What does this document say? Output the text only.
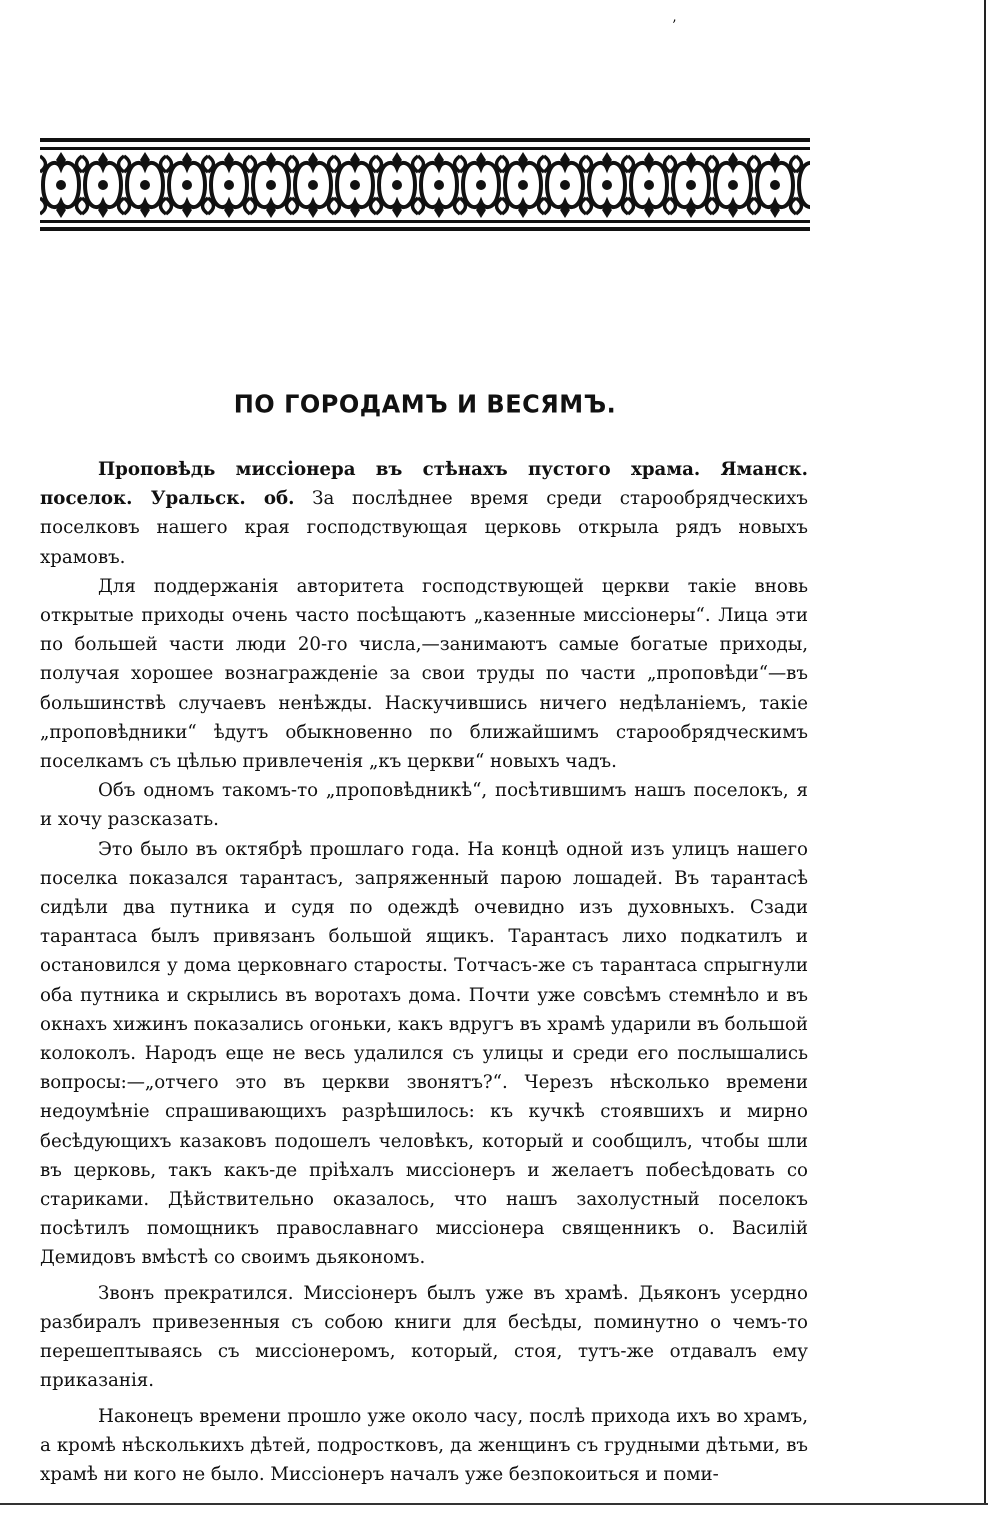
’
ПО ГОРОДАМЪ И ВЕСЯМЪ.

Проповѣдь миссіонера въ стѣнахъ пустого храма. Яманск. поселок. Уральск. об. За послѣднее время среди старообрядческихъ поселковъ нашего края господствующая церковь открыла рядъ новыхъ храмовъ.

Для поддержанія авторитета господствующей церкви такіе вновь открытые приходы очень часто посѣщаютъ „казенные миссіонеры“. Лица эти по большей части люди 20-го числа,—занимаютъ самые богатые приходы, получая хорошее вознагражденіе за свои труды по части „проповѣди“—въ большинствѣ случаевъ ненѣжды. Наскучившись ничего недѣланіемъ, такіе „проповѣдники“ ѣдутъ обыкновенно по ближайшимъ старообрядческимъ поселкамъ съ цѣлью привлеченія „къ церкви“ новыхъ чадъ.

Объ одномъ такомъ-то „проповѣдникѣ“, посѣтившимъ нашъ поселокъ, я и хочу разсказать.

Это было въ октябрѣ прошлаго года. На концѣ одной изъ улицъ нашего поселка показался тарантасъ, запряженный парою лошадей. Въ тарантасѣ сидѣли два путника и судя по одеждѣ очевидно изъ духовныхъ. Сзади тарантаса былъ привязанъ большой ящикъ. Тарантасъ лихо подкатилъ и остановился у дома церковнаго старосты. Тотчасъ-же съ тарантаса спрыгнули оба путника и скрылись въ воротахъ дома. Почти уже совсѣмъ стемнѣло и въ окнахъ хижинъ показались огоньки, какъ вдругъ въ храмѣ ударили въ большой колоколъ. Народъ еще не весь удалился съ улицы и среди его послышались вопросы:—„отчего это въ церкви звонятъ?“. Черезъ нѣсколько времени недоумѣніе спрашивающихъ разрѣшилось: къ кучкѣ стоявшихъ и мирно бесѣдующихъ казаковъ подошелъ человѣкъ, который и сообщилъ, чтобы шли въ церковь, такъ какъ-де пріѣхалъ миссіонеръ и желаетъ побесѣдовать со стариками. Дѣйствительно оказалось, что нашъ захолустный поселокъ посѣтилъ помощникъ православнаго миссіонера священникъ о. Василій Демидовъ вмѣстѣ со своимъ дьякономъ.

Звонъ прекратился. Миссіонеръ былъ уже въ храмѣ. Дьяконъ усердно разбиралъ привезенныя съ собою книги для бесѣды, поминутно о чемъ-то перешептываясь съ миссіонеромъ, который, стоя, тутъ-же отдавалъ ему приказанія.

Наконецъ времени прошло уже около часу, послѣ прихода ихъ во храмъ, а кромѣ нѣсколькихъ дѣтей, подростковъ, да женщинъ съ грудными дѣтьми, въ храмѣ ни кого не было. Миссіонеръ началъ уже безпокоиться и поми-
